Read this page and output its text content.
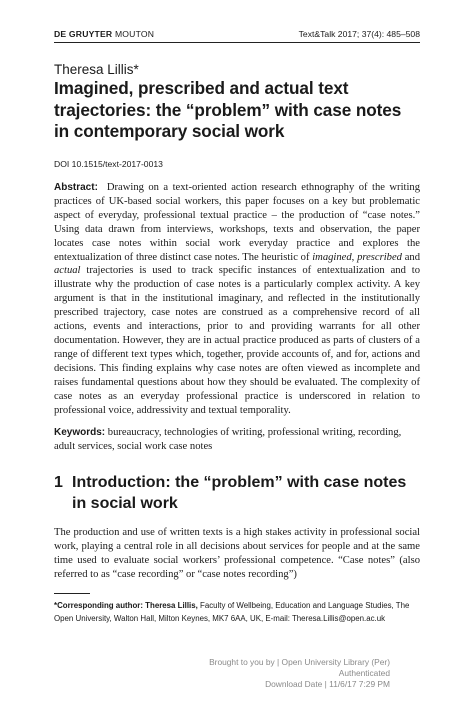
DE GRUYTER MOUTON	Text&Talk 2017; 37(4): 485–508
Theresa Lillis*
Imagined, prescribed and actual text
trajectories: the “problem” with case notes
in contemporary social work
DOI 10.1515/text-2017-0013
Abstract: Drawing on a text-oriented action research ethnography of the writing practices of UK-based social workers, this paper focuses on a key but problematic aspect of everyday, professional textual practice – the production of “case notes.” Using data drawn from interviews, workshops, texts and observation, the paper locates case notes within social work everyday practice and explores the entextualization of three distinct case notes. The heuristic of imagined, prescribed and actual trajectories is used to track specific instances of entextualization and to illustrate why the production of case notes is a particularly complex activity. A key argument is that in the institutional imaginary, and reflected in the institutionally prescribed trajectory, case notes are construed as a comprehensive record of all actions, events and interactions, prior to and providing warrants for all other documentation. However, they are in actual practice produced as parts of clusters of a range of different text types which, together, provide accounts of, and for, actions and decisions. This finding explains why case notes are often viewed as incomplete and raises fundamental questions about how they should be evaluated. The complexity of case notes as an everyday professional practice is underscored in relation to professional voice, addressivity and textual temporality.
Keywords: bureaucracy, technologies of writing, professional writing, recording, adult services, social work case notes
1 Introduction: the “problem” with case notes
in social work
The production and use of written texts is a high stakes activity in professional social work, playing a central role in all decisions about services for people and at the same time used to evaluate social workers’ professional competence. “Case notes” (also referred to as “case recording” or “case notes recording”)
*Corresponding author: Theresa Lillis, Faculty of Wellbeing, Education and Language Studies, The Open University, Walton Hall, Milton Keynes, MK7 6AA, UK, E-mail: Theresa.Lillis@open.ac.uk
Brought to you by | Open University Library (Per)
Authenticated
Download Date | 11/6/17 7:29 PM
